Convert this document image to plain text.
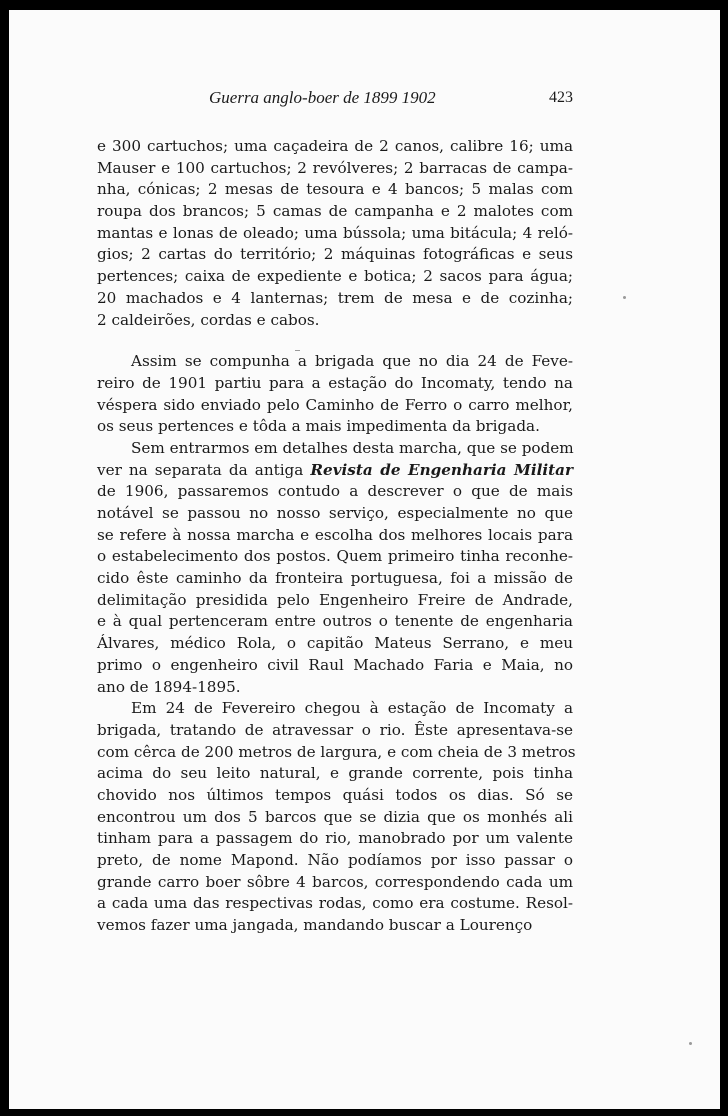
Guerra anglo-boer de 1899 1902	423
e 300 cartuchos; uma caçadeira de 2 canos, calibre 16; uma
Mauser e 100 cartuchos; 2 revólveres; 2 barracas de campa-
nha, cónicas; 2 mesas de tesoura e 4 bancos; 5 malas com
roupa dos brancos; 5 camas de campanha e 2 malotes com
mantas e lonas de oleado; uma bússola; uma bitácula; 4 reló-
gios; 2 cartas do território; 2 máquinas fotográficas e seus
pertences; caixa de expediente e botica; 2 sacos para água;
20 machados e 4 lanternas; trem de mesa e de cozinha;
2 caldeirões, cordas e cabos.
Assim se compunha a brigada que no dia 24 de Feve-
reiro de 1901 partiu para a estação do Incomaty, tendo na
véspera sido enviado pelo Caminho de Ferro o carro melhor,
os seus pertences e tôda a mais impedimenta da brigada.
Sem entrarmos em detalhes desta marcha, que se podem
ver na separata da antiga Revista de Engenharia Militar
de 1906, passaremos contudo a descrever o que de mais
notável se passou no nosso serviço, especialmente no que
se refere à nossa marcha e escolha dos melhores locais para
o estabelecimento dos postos. Quem primeiro tinha reconhe-
cido êste caminho da fronteira portuguesa, foi a missão de
delimitação presidida pelo Engenheiro Freire de Andrade,
e à qual pertenceram entre outros o tenente de engenharia
Álvares, médico Rola, o capitão Mateus Serrano, e meu
primo o engenheiro civil Raul Machado Faria e Maia, no
ano de 1894-1895.
Em 24 de Fevereiro chegou à estação de Incomaty a
brigada, tratando de atravessar o rio. Êste apresentava-se
com cêrca de 200 metros de largura, e com cheia de 3 metros
acima do seu leito natural, e grande corrente, pois tinha
chovido nos últimos tempos quási todos os dias. Só se
encontrou um dos 5 barcos que se dizia que os monhés ali
tinham para a passagem do rio, manobrado por um valente
preto, de nome Mapond. Não podíamos por isso passar o
grande carro boer sôbre 4 barcos, correspondendo cada um
a cada uma das respectivas rodas, como era costume. Resol-
vemos fazer uma jangada, mandando buscar a Lourenço
